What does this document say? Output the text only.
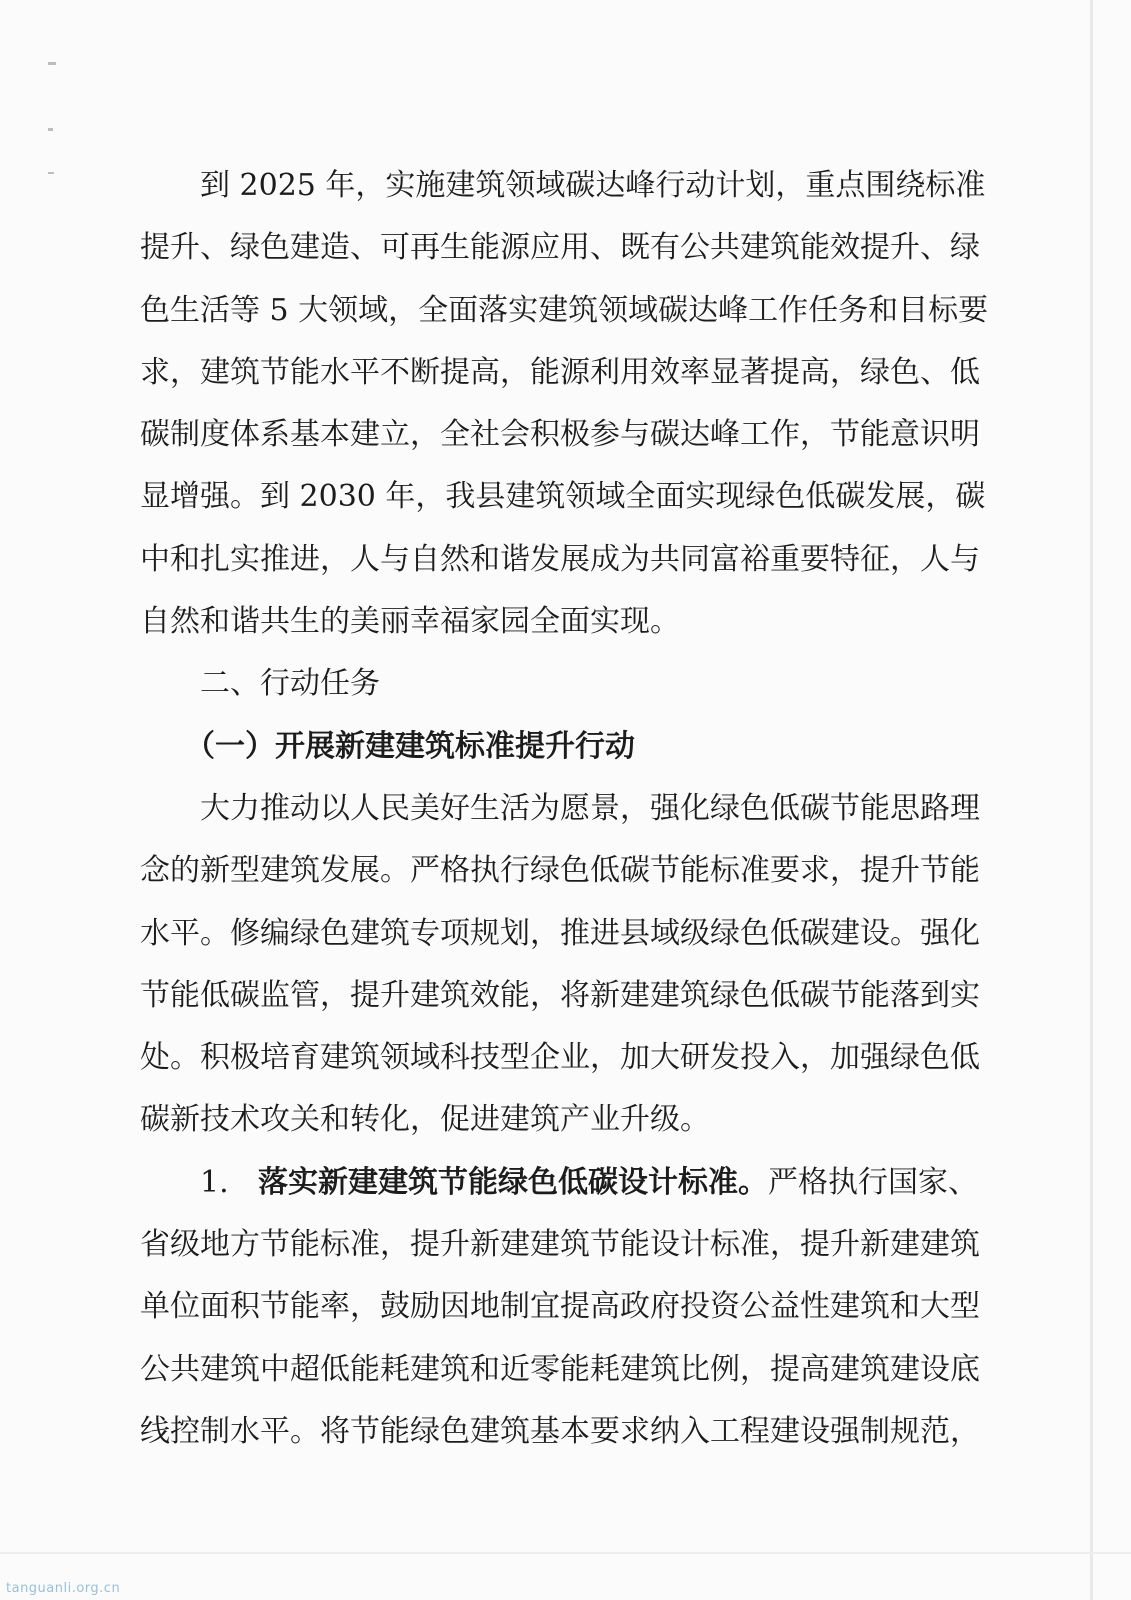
到 2025 年，实施建筑领域碳达峰行动计划，重点围绕标准
提升、绿色建造、可再生能源应用、既有公共建筑能效提升、绿
色生活等 5 大领域，全面落实建筑领域碳达峰工作任务和目标要
求，建筑节能水平不断提高，能源利用效率显著提高，绿色、低
碳制度体系基本建立，全社会积极参与碳达峰工作，节能意识明
显增强。到 2030 年，我县建筑领域全面实现绿色低碳发展，碳
中和扎实推进，人与自然和谐发展成为共同富裕重要特征，人与
自然和谐共生的美丽幸福家园全面实现。
二、行动任务
（一）开展新建建筑标准提升行动
大力推动以人民美好生活为愿景，强化绿色低碳节能思路理
念的新型建筑发展。严格执行绿色低碳节能标准要求，提升节能
水平。修编绿色建筑专项规划，推进县域级绿色低碳建设。强化
节能低碳监管，提升建筑效能，将新建建筑绿色低碳节能落到实
处。积极培育建筑领域科技型企业，加大研发投入，加强绿色低
碳新技术攻关和转化，促进建筑产业升级。
1. 落实新建建筑节能绿色低碳设计标准。严格执行国家、
省级地方节能标准，提升新建建筑节能设计标准，提升新建建筑
单位面积节能率，鼓励因地制宜提高政府投资公益性建筑和大型
公共建筑中超低能耗建筑和近零能耗建筑比例，提高建筑建设底
线控制水平。将节能绿色建筑基本要求纳入工程建设强制规范，
tanguanli.org.cn
